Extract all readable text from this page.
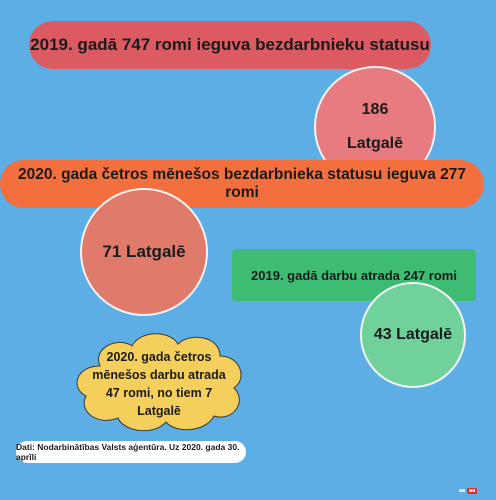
2019. gadā 747 romi ieguva bezdarbnieku statusu
186
Latgalē
2020. gada četros mēnešos bezdarbnieka statusu ieguva 277 romi
71 Latgalē
2019. gadā darbu atrada 247 romi
43 Latgalē
2020. gada četros mēnešos darbu atrada 47 romi, no tiem 7 Latgalē
Dati: Nodarbinātības Valsts aģentūra. Uz 2020. gada 30. aprīli
■■ ■■
